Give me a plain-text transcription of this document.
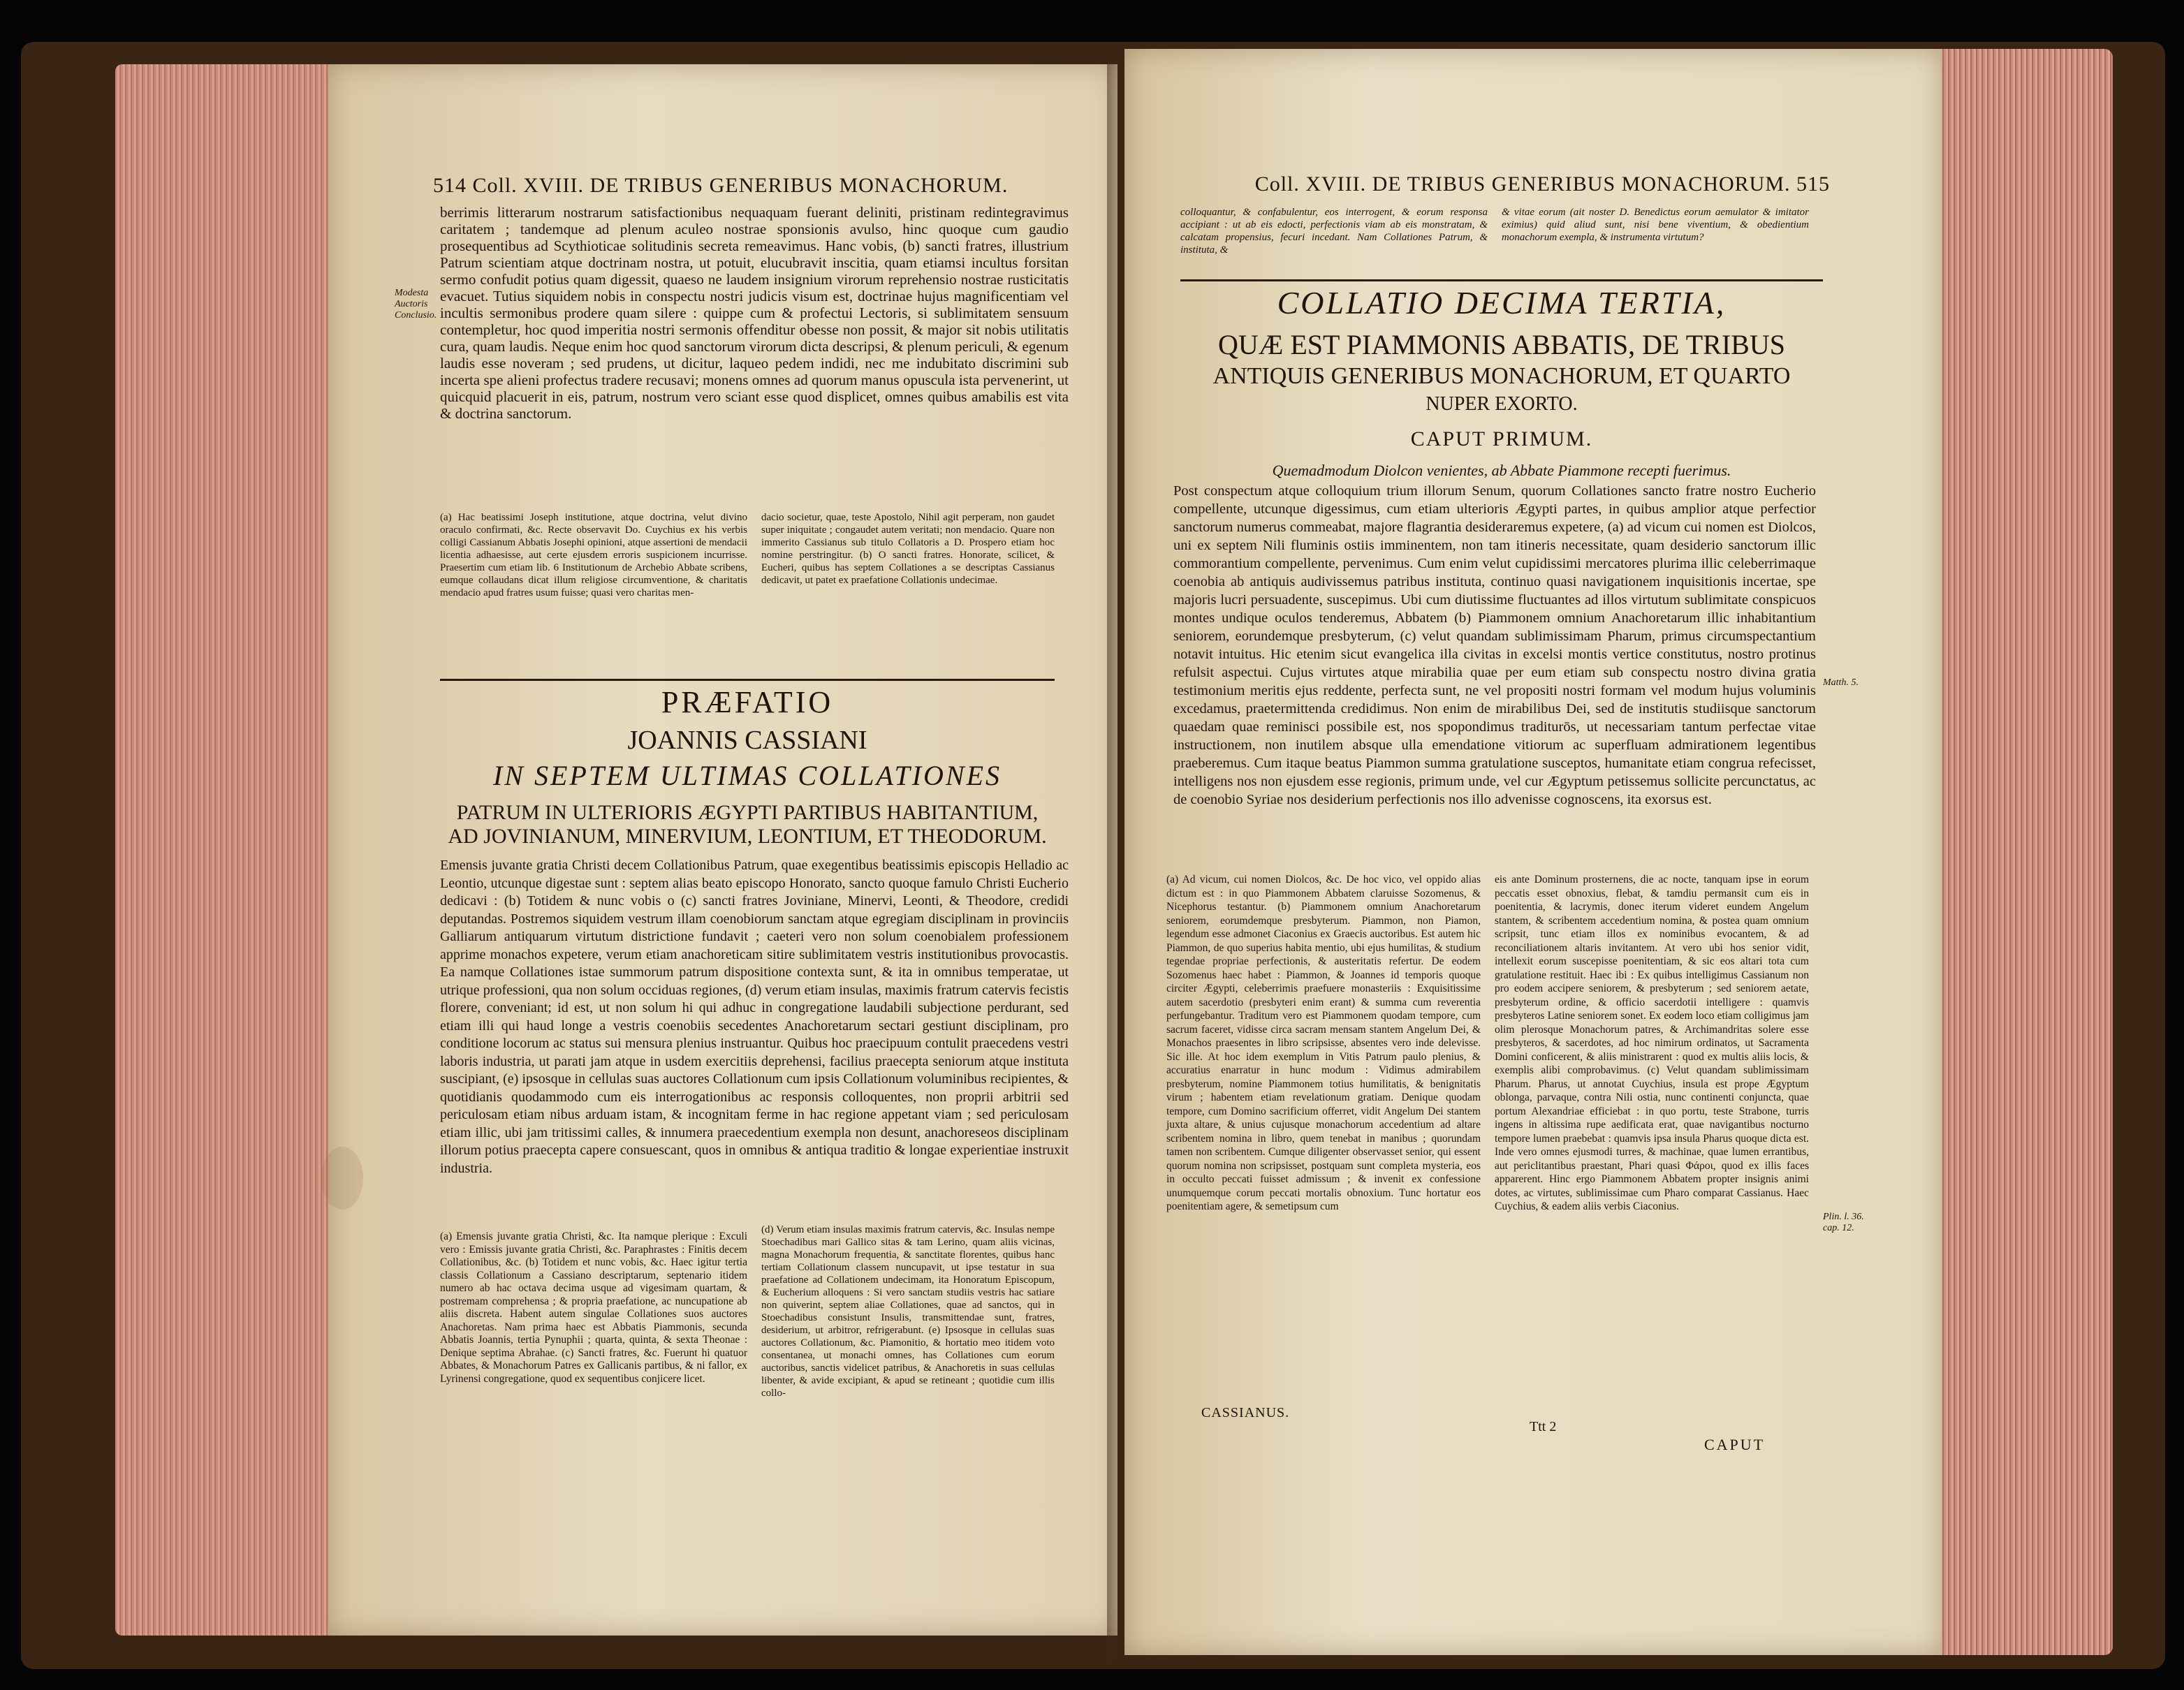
514 Coll. XVIII. DE TRIBUS GENERIBUS MONACHORUM.
Modesta Auctoris Conclusio.
berrimis litterarum nostrarum satisfactionibus nequaquam fuerant deliniti, pristinam redintegravimus caritatem ; tandemque ad plenum aculeo nostrae sponsionis avulso, hinc quoque cum gaudio prosequentibus ad Scythioticae solitudinis secreta remeavimus. Hanc vobis, (b) sancti fratres, illustrium Patrum scientiam atque doctrinam nostra, ut potuit, elucubravit inscitia, quam etiamsi incultus forsitan sermo confudit potius quam digessit, quaeso ne laudem insignium virorum reprehensio nostrae rusticitatis evacuet. Tutius siquidem nobis in conspectu nostri judicis visum est, doctrinae hujus magnificentiam vel incultis sermonibus prodere quam silere : quippe cum & profectui Lectoris, si sublimitatem sensuum contempletur, hoc quod imperitia nostri sermonis offenditur obesse non possit, & major sit nobis utilitatis cura, quam laudis. Neque enim hoc quod sanctorum virorum dicta descripsi, & plenum periculi, & egenum laudis esse noveram ; sed prudens, ut dicitur, laqueo pedem indidi, nec me indubitato discrimini sub incerta spe alieni profectus tradere recusavi; monens omnes ad quorum manus opuscula ista pervenerint, ut quicquid placuerit in eis, patrum, nostrum vero sciant esse quod displicet, omnes quibus amabilis est vita & doctrina sanctorum.
(a) Hac beatissimi Joseph institutione, atque doctrina, velut divino oraculo confirmati, &c. Recte observavit Do. Cuychius ex his verbis colligi Cassianum Abbatis Josephi opinioni, atque assertioni de mendacii licentia adhaesisse, aut certe ejusdem erroris suspicionem incurrisse. Praesertim cum etiam lib. 6 Institutionum de Archebio Abbate scribens, eumque collaudans dicat illum religiose circumventione, & charitatis mendacio apud fratres usum fuisse; quasi vero charitas men-
dacio societur, quae, teste Apostolo, Nihil agit perperam, non gaudet super iniquitate ; congaudet autem veritati; non mendacio. Quare non immerito Cassianus sub titulo Collatoris a D. Prospero etiam hoc nomine perstringitur. (b) O sancti fratres. Honorate, scilicet, & Eucheri, quibus has septem Collationes a se descriptas Cassianus dedicavit, ut patet ex praefatione Collationis undecimae.
PRÆFATIO
JOANNIS CASSIANI
IN SEPTEM ULTIMAS COLLATIONES
PATRUM IN ULTERIORIS ÆGYPTI PARTIBUS HABITANTIUM, AD JOVINIANUM, MINERVIUM, LEONTIUM, ET THEODORUM.
Emensis juvante gratia Christi decem Collationibus Patrum, quae exegentibus beatissimis episcopis Helladio ac Leontio, utcunque digestae sunt : septem alias beato episcopo Honorato, sancto quoque famulo Christi Eucherio dedicavi : (b) Totidem & nunc vobis o (c) sancti fratres Joviniane, Minervi, Leonti, & Theodore, credidi deputandas. Postremos siquidem vestrum illam coenobiorum sanctam atque egregiam disciplinam in provinciis Galliarum antiquarum virtutum districtione fundavit ; caeteri vero non solum coenobialem professionem apprime monachos expetere, verum etiam anachoreticam sitire sublimitatem vestris institutionibus provocastis. Ea namque Collationes istae summorum patrum dispositione contexta sunt, & ita in omnibus temperatae, ut utrique professioni, qua non solum occiduas regiones, (d) verum etiam insulas, maximis fratrum catervis fecistis florere, conveniant; id est, ut non solum hi qui adhuc in congregatione laudabili subjectione perdurant, sed etiam illi qui haud longe a vestris coenobiis secedentes Anachoretarum sectari gestiunt disciplinam, pro conditione locorum ac status sui mensura plenius instruantur. Quibus hoc praecipuum contulit praecedens vestri laboris industria, ut parati jam atque in usdem exercitiis deprehensi, facilius praecepta seniorum atque instituta suscipiant, (e) ipsosque in cellulas suas auctores Collationum cum ipsis Collationum voluminibus recipientes, & quotidianis quodammodo cum eis interrogationibus ac responsis colloquentes, non proprii arbitrii sed periculosam etiam nibus arduam istam, & incognitam ferme in hac regione appetant viam ; sed periculosam etiam illic, ubi jam tritissimi calles, & innumera praecedentium exempla non desunt, anachoreseos disciplinam illorum potius praecepta capere consuescant, quos in omnibus & antiqua traditio & longae experientiae instruxit industria.
(a) Emensis juvante gratia Christi, &c. Ita namque plerique : Exculi vero : Emissis juvante gratia Christi, &c. Paraphrastes : Finitis decem Collationibus, &c. (b) Totidem et nunc vobis, &c. Haec igitur tertia classis Collationum a Cassiano descriptarum, septenario itidem numero ab hac octava decima usque ad vigesimam quartam, & postremam comprehensa ; & propria praefatione, ac nuncupatione ab aliis discreta. Habent autem singulae Collationes suos auctores Anachoretas. Nam prima haec est Abbatis Piammonis, secunda Abbatis Joannis, tertia Pynuphii ; quarta, quinta, & sexta Theonae : Denique septima Abrahae. (c) Sancti fratres, &c. Fuerunt hi quatuor Abbates, & Monachorum Patres ex Gallicanis partibus, & ni fallor, ex Lyrinensi congregatione, quod ex sequentibus conjicere licet.
(d) Verum etiam insulas maximis fratrum catervis, &c. Insulas nempe Stoechadibus mari Gallico sitas & tam Lerino, quam aliis vicinas, magna Monachorum frequentia, & sanctitate florentes, quibus hanc tertiam Collationum classem nuncupavit, ut ipse testatur in sua praefatione ad Collationem undecimam, ita Honoratum Episcopum, & Eucherium alloquens : Si vero sanctam studiis vestris hac satiare non quiverint, septem aliae Collationes, quae ad sanctos, qui in Stoechadibus consistunt Insulis, transmittendae sunt, fratres, desiderium, ut arbitror, refrigerabunt. (e) Ipsosque in cellulas suas auctores Collationum, &c. Piamonitio, & hortatio meo itidem voto consentanea, ut monachi omnes, has Collationes cum eorum auctoribus, sanctis videlicet patribus, & Anachoretis in suas cellulas libenter, & avide excipiant, & apud se retineant ; quotidie cum illis collo-
Coll. XVIII. DE TRIBUS GENERIBUS MONACHORUM. 515
colloquantur, & confabulentur, eos interrogent, & eorum responsa accipiant : ut ab eis edocti, perfectionis viam ab eis monstratam, & calcatam propensius, fecuri incedant. Nam Collationes Patrum, & instituta, &
& vitae eorum (ait noster D. Benedictus eorum aemulator & imitator eximius) quid aliud sunt, nisi bene viventium, & obedientium monachorum exempla, & instrumenta virtutum?
COLLATIO DECIMA TERTIA,
QUÆ EST PIAMMONIS ABBATIS, DE TRIBUS
ANTIQUIS GENERIBUS MONACHORUM, ET QUARTO
NUPER EXORTO.
CAPUT PRIMUM.
Quemadmodum Diolcon venientes, ab Abbate Piammone recepti fuerimus.
Post conspectum atque colloquium trium illorum Senum, quorum Collationes sancto fratre nostro Eucherio compellente, utcunque digessimus, cum etiam ulterioris Ægypti partes, in quibus amplior atque perfectior sanctorum numerus commeabat, majore flagrantia desideraremus expetere, (a) ad vicum cui nomen est Diolcos, uni ex septem Nili fluminis ostiis imminentem, non tam itineris necessitate, quam desiderio sanctorum illic commorantium compellente, pervenimus. Cum enim velut cupidissimi mercatores plurima illic celeberrimaque coenobia ab antiquis audivissemus patribus instituta, continuo quasi navigationem inquisitionis incertae, spe majoris lucri persuadente, suscepimus. Ubi cum diutissime fluctuantes ad illos virtutum sublimitate conspicuos montes undique oculos tenderemus, Abbatem (b) Piammonem omnium Anachoretarum illic inhabitantium seniorem, eorundemque presbyterum, (c) velut quandam sublimissimam Pharum, primus circumspectantium notavit intuitus. Hic etenim sicut evangelica illa civitas in excelsi montis vertice constitutus, nostro protinus refulsit aspectui. Cujus virtutes atque mirabilia quae per eum etiam sub conspectu nostro divina gratia testimonium meritis ejus reddente, perfecta sunt, ne vel propositi nostri formam vel modum hujus voluminis excedamus, praetermittenda credidimus. Non enim de mirabilibus Dei, sed de institutis studiisque sanctorum quaedam quae reminisci possibile est, nos spopondimus traditurōs, ut necessariam tantum perfectae vitae instructionem, non inutilem absque ulla emendatione vitiorum ac superfluam admirationem legentibus praeberemus. Cum itaque beatus Piammon summa gratulatione susceptos, humanitate etiam congrua refecisset, intelligens nos non ejusdem esse regionis, primum unde, vel cur Ægyptum petissemus sollicite percunctatus, ac de coenobio Syriae nos desiderium perfectionis nos illo advenisse cognoscens, ita exorsus est.
Matth. 5.
(a) Ad vicum, cui nomen Diolcos, &c. De hoc vico, vel oppido alias dictum est : in quo Piammonem Abbatem claruisse Sozomenus, & Nicephorus testantur. (b) Piammonem omnium Anachoretarum seniorem, eorumdemque presbyterum. Piammon, non Piamon, legendum esse admonet Ciaconius ex Graecis auctoribus. Est autem hic Piammon, de quo superius habita mentio, ubi ejus humilitas, & studium tegendae propriae perfectionis, & austeritatis refertur. De eodem Sozomenus haec habet : Piammon, & Joannes id temporis quoque circiter Ægypti, celeberrimis praefuere monasteriis : Exquisitissime autem sacerdotio (presbyteri enim erant) & summa cum reverentia perfungebantur. Traditum vero est Piammonem quodam tempore, cum sacrum faceret, vidisse circa sacram mensam stantem Angelum Dei, & Monachos praesentes in libro scripsisse, absentes vero inde delevisse. Sic ille. At hoc idem exemplum in Vitis Patrum paulo plenius, & accuratius enarratur in hunc modum : Vidimus admirabilem presbyterum, nomine Piammonem totius humilitatis, & benignitatis virum ; habentem etiam revelationum gratiam. Denique quodam tempore, cum Domino sacrificium offerret, vidit Angelum Dei stantem juxta altare, & unius cujusque monachorum accedentium ad altare scribentem nomina in libro, quem tenebat in manibus ; quorundam tamen non scribentem. Cumque diligenter observasset senior, qui essent quorum nomina non scripsisset, postquam sunt completa mysteria, eos in occulto peccati fuisset admissum ; & invenit ex confessione unumquemque corum peccati mortalis obnoxium. Tunc hortatur eos poenitentiam agere, & semetipsum cum
eis ante Dominum prosternens, die ac nocte, tanquam ipse in eorum peccatis esset obnoxius, flebat, & tamdiu permansit cum eis in poenitentia, & lacrymis, donec iterum videret eundem Angelum stantem, & scribentem accedentium nomina, & postea quam omnium scripsit, tunc etiam illos ex nominibus evocantem, & ad reconciliationem altaris invitantem. At vero ubi hos senior vidit, intellexit eorum suscepisse poenitentiam, & sic eos altari tota cum gratulatione restituit. Haec ibi : Ex quibus intelligimus Cassianum non pro eodem accipere seniorem, & presbyterum ; sed seniorem aetate, presbyterum ordine, & officio sacerdotii intelligere : quamvis presbyteros Latine seniorem sonet. Ex eodem loco etiam colligimus jam olim plerosque Monachorum patres, & Archimandritas solere esse presbyteros, & sacerdotes, ad hoc nimirum ordinatos, ut Sacramenta Domini conficerent, & aliis ministrarent : quod ex multis aliis locis, & exemplis alibi comprobavimus. (c) Velut quandam sublimissimam Pharum. Pharus, ut annotat Cuychius, insula est prope Ægyptum oblonga, parvaque, contra Nili ostia, nunc continenti conjuncta, quae portum Alexandriae efficiebat : in quo portu, teste Strabone, turris ingens in altissima rupe aedificata erat, quae navigantibus nocturno tempore lumen praebebat : quamvis ipsa insula Pharus quoque dicta est. Inde vero omnes ejusmodi turres, & machinae, quae lumen errantibus, aut periclitantibus praestant, Phari quasi Φάροι, quod ex illis faces apparerent. Hinc ergo Piammonem Abbatem propter insignis animi dotes, ac virtutes, sublimissimae cum Pharo comparat Cassianus. Haec Cuychius, & eadem aliis verbis Ciaconius.
Plin. l. 36. cap. 12.
CASSIANUS.
Ttt 2
CAPUT
